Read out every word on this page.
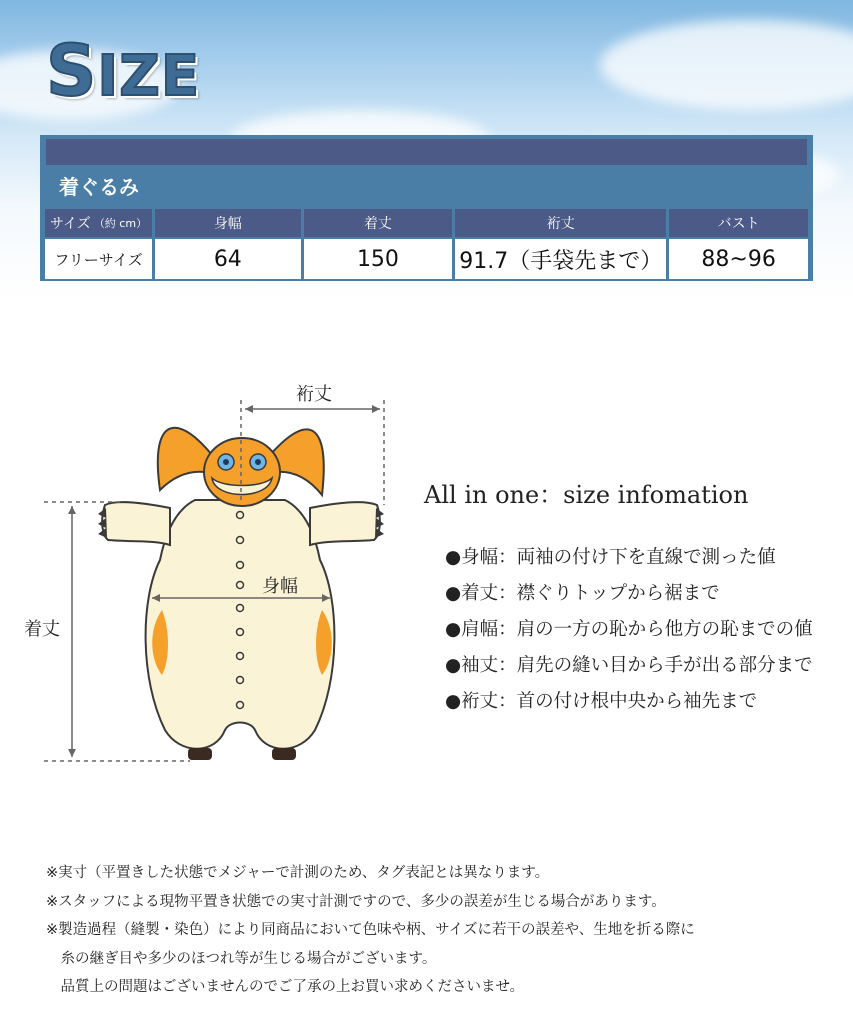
SIZE
着ぐるみ
サイズ （約 cm）	身幅	着丈	裄丈	バスト
フリーサイズ	64	150	91.7（手袋先まで）	88~96
裄丈
身幅
着丈
All in one：size infomation
●身幅：両袖の付け下を直線で測った値
●着丈：襟ぐりトップから裾まで
●肩幅：肩の一方の恥から他方の恥までの値
●袖丈：肩先の縫い目から手が出る部分まで
●裄丈：首の付け根中央から袖先まで
※実寸（平置きした状態でメジャーで計測のため、タグ表記とは異なります。
※スタッフによる現物平置き状態での実寸計測ですので、多少の誤差が生じる場合があります。
※製造過程（縫製・染色）により同商品において色味や柄、サイズに若干の誤差や、生地を折る際に
　糸の継ぎ目や多少のほつれ等が生じる場合がございます。
　品質上の問題はございませんのでご了承の上お買い求めくださいませ。
